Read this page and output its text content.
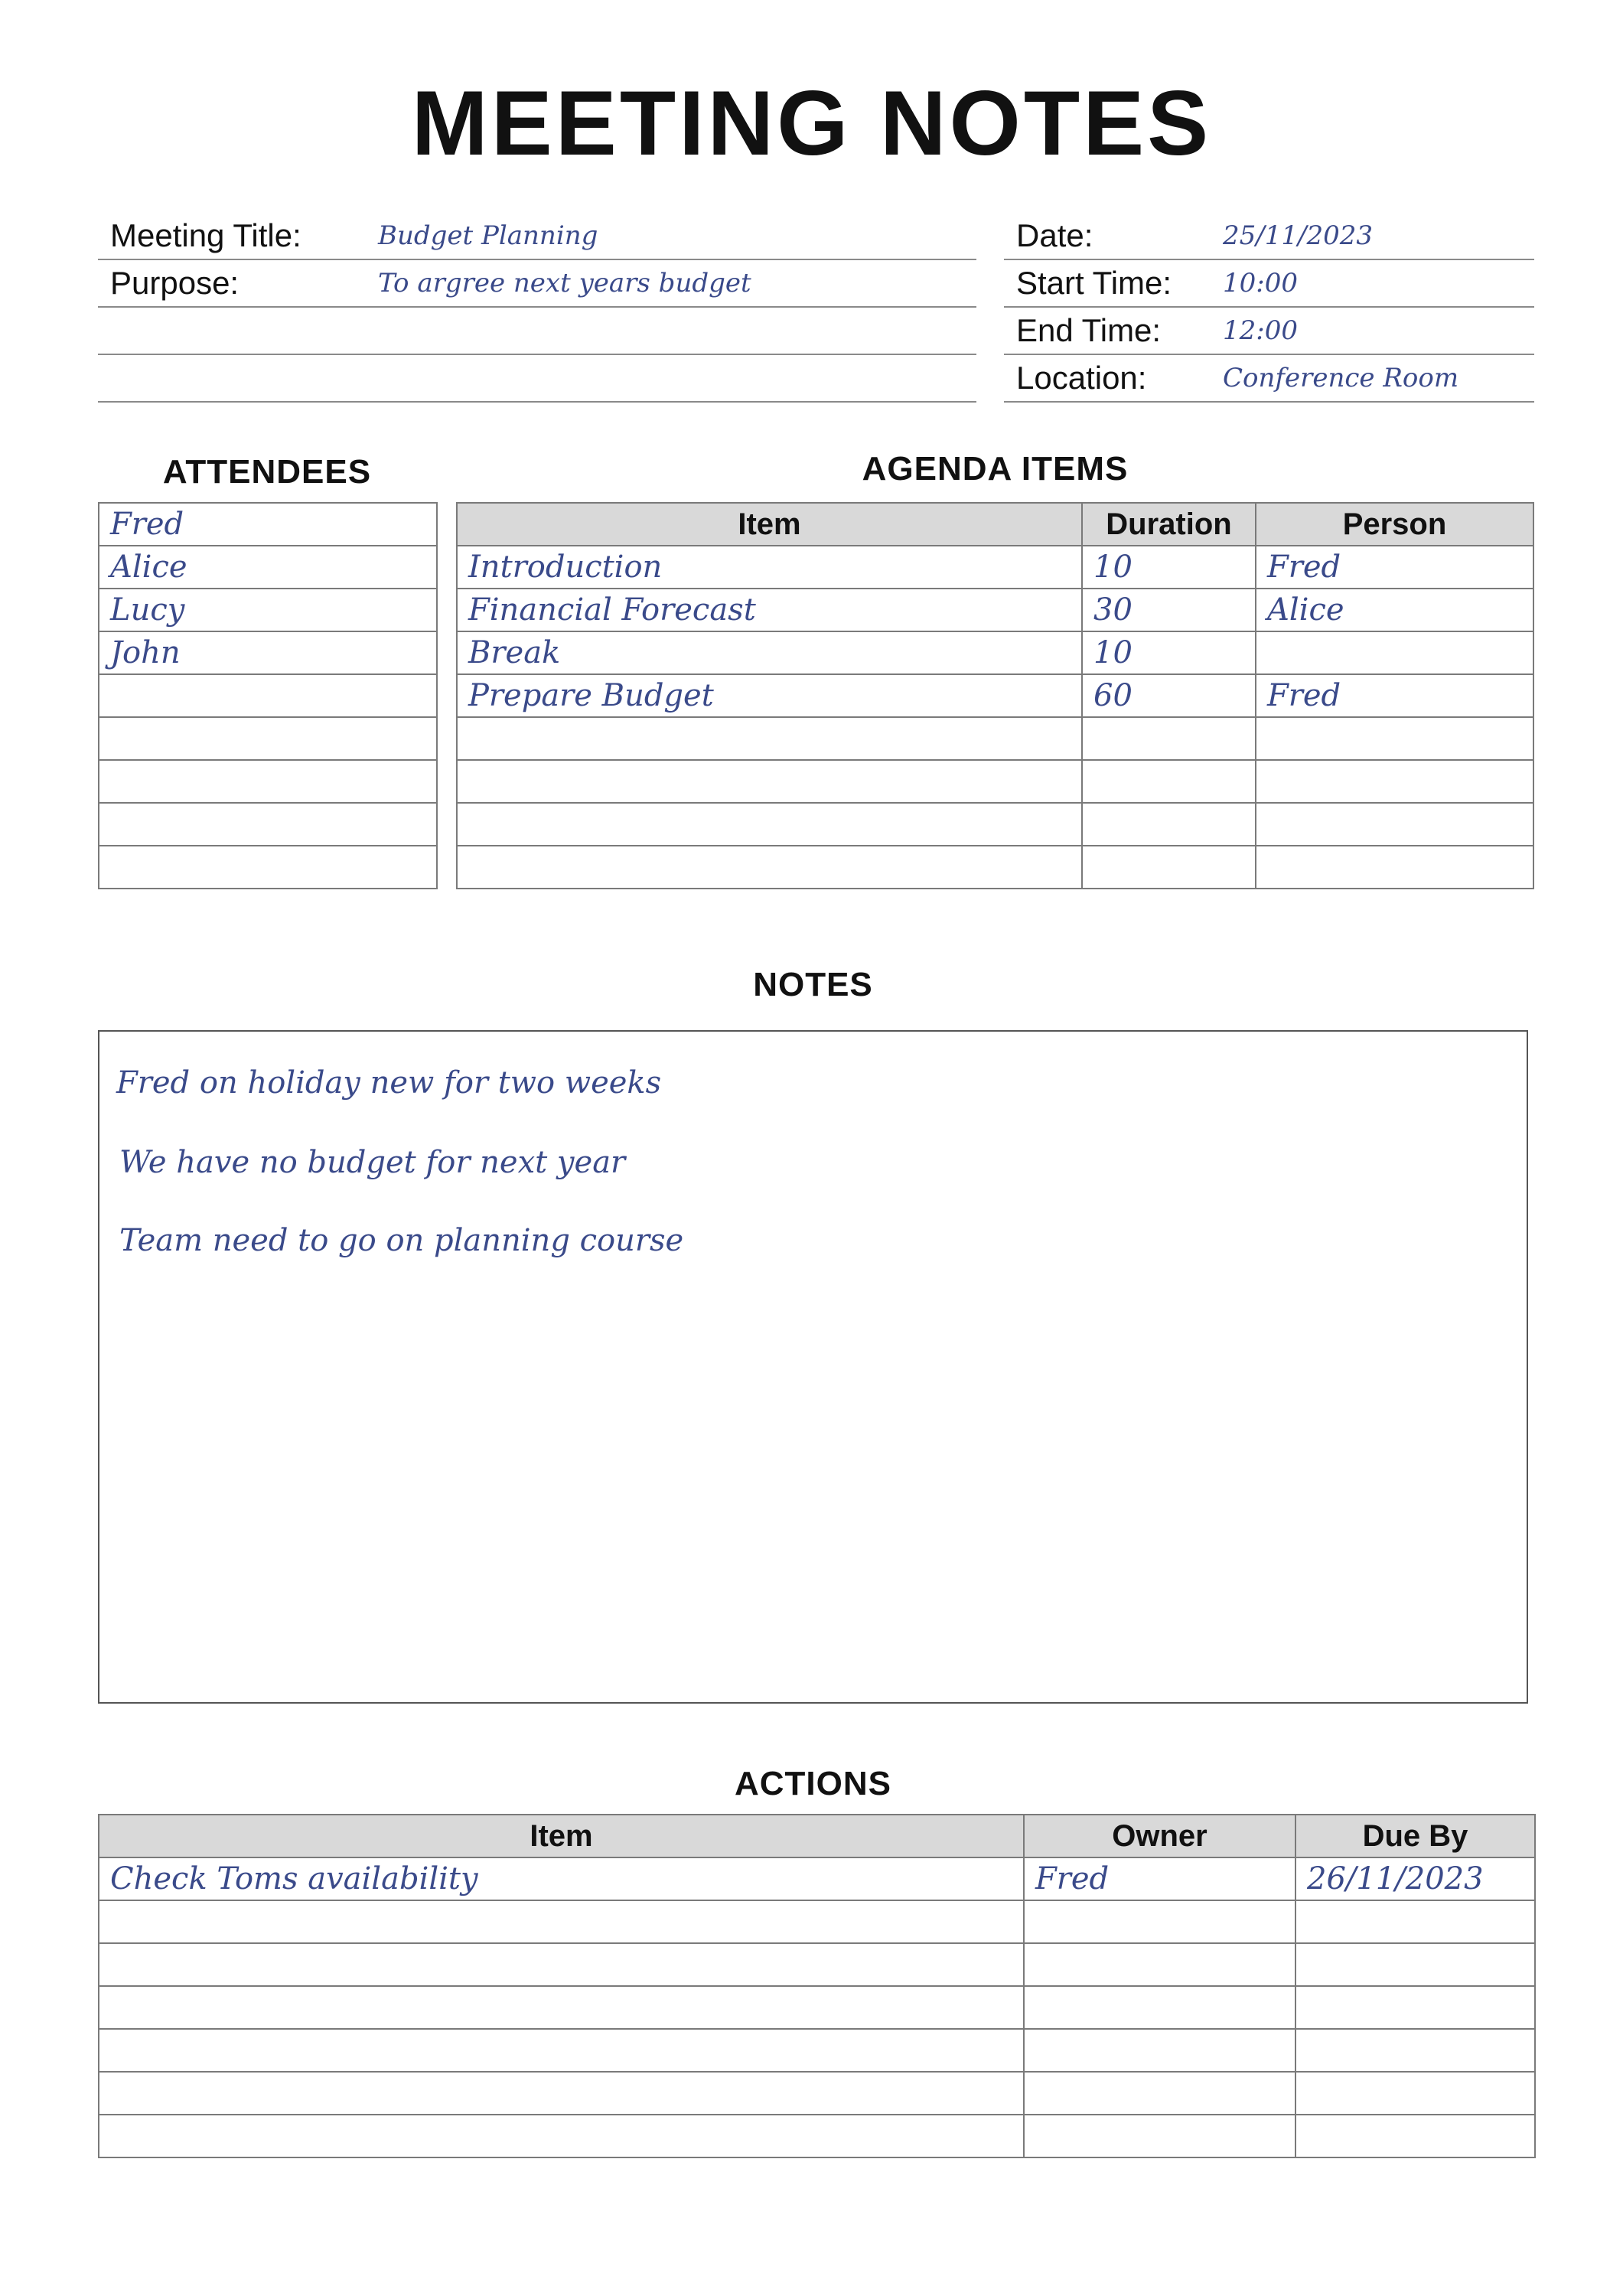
MEETING NOTES
Meeting Title:	Budget Planning
Purpose:	To argree next years budget
Date:	25/11/2023
Start Time: 10:00
End Time: 12:00
Location:	Conference Room
ATTENDEES
Fred
Alice
Lucy
John

AGENDA ITEMS
Item	Duration	Person
Introduction	10	Fred
Financial Forecast	30	Alice
Break	10	
Prepare Budget	60	Fred

NOTES
Fred on holiday new for two weeks
We have no budget for next year
Team need to go on planning course
ACTIONS
Item	Owner	Due By
Check Toms availability	Fred	26/11/2023
